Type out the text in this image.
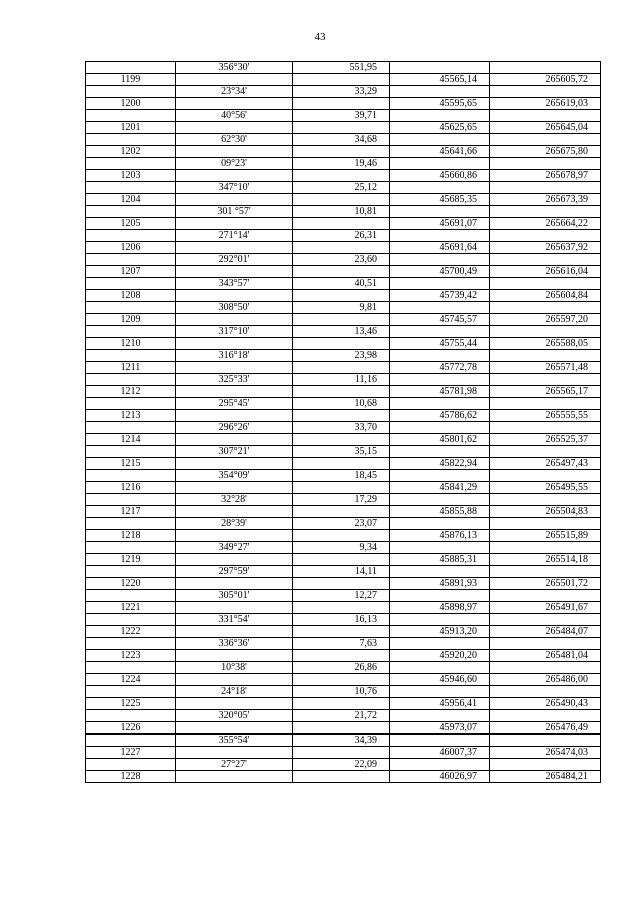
43
	356°30'	551,95		
1199			45565,14	265605,72
	23°34'	33,29		
1200			45595,65	265619,03
	40°56'	39,71		
1201			45625,65	265645,04
	62°30'	34,68		
1202			45641,66	265675,80
	09°23'	19,46		
1203			45660,86	265678,97
	347°10'	25,12		
1204			45685,35	265673,39
	301 °57'	10,81		
1205			45691,07	265664,22
	271°14'	26,31		
1206			45691,64	265637,92
	292°01'	23,60		
1207			45700,49	265616,04
	343°57'	40,51		
1208			45739,42	265604,84
	308°50'	9,81		
1209			45745,57	265597,20
	317°10'	13,46		
1210			45755,44	265588,05
	316°18'	23,98		
1211			45772,78	265571,48
	325°33'	11,16		
1212			45781,98	265565,17
	295°45'	10,68		
1213			45786,62	265555,55
	296°26'	33,70		
1214			45801,62	265525,37
	307°21'	35,15		
1215			45822,94	265497,43
	354°09'	18,45		
1216			45841,29	265495,55
	32°28'	17,29		
1217			45855,88	265504,83
	28°39'	23,07		
1218			45876,13	265515,89
	349°27'	9,34		
1219			45885,31	265514,18
	297°59'	14,11		
1220			45891,93	265501,72
	305°01'	12,27		
1221			45898,97	265491,67
	331°54'	16,13		
1222			45913,20	265484,07
	336°36'	7,63		
1223			45920,20	265481,04
	10°38'	26,86		
1224			45946,60	265486,00
	24°18'	10,76		
1225			45956,41	265490,43
	320°05'	21,72		
1226			45973,07	265476,49
	355°54'	34,39		
1227			46007,37	265474,03
	27°27'	22,09		
1228			46026,97	265484,21
